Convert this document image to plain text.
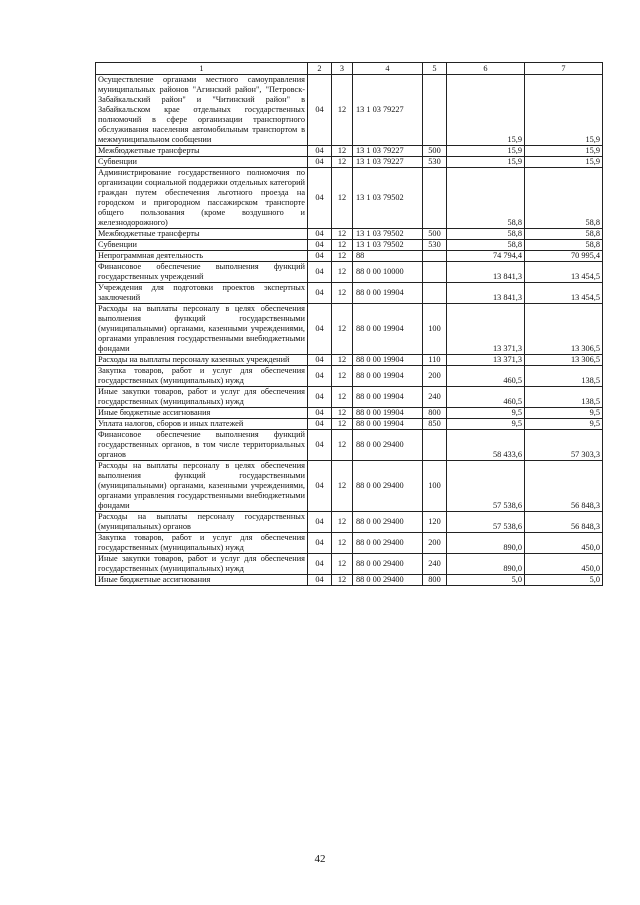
1	2	3	4	5	6	7
Осуществление органами местного самоуправления муниципальных районов "Агинский район", "Петровск-Забайкальский район" и "Читинский район" в Забайкальском крае отдельных государственных полномочий в сфере организации транспортного обслуживания населения автомобильным транспортом в межмуниципальном сообщении	04	12	13 1 03 79227		15,9	15,9
Межбюджетные трансферты	04	12	13 1 03 79227	500	15,9	15,9
Субвенции	04	12	13 1 03 79227	530	15,9	15,9
Администрирование государственного полномочия по организации социальной поддержки отдельных категорий граждан путем обеспечения льготного проезда на городском и пригородном пассажирском транспорте общего пользования (кроме воздушного и железнодорожного)	04	12	13 1 03 79502		58,8	58,8
Межбюджетные трансферты	04	12	13 1 03 79502	500	58,8	58,8
Субвенции	04	12	13 1 03 79502	530	58,8	58,8
Непрограммная деятельность	04	12	88		74 794,4	70 995,4
Финансовое обеспечение выполнения функций государственных учреждений	04	12	88 0 00 10000		13 841,3	13 454,5
Учреждения для подготовки проектов экспертных заключений	04	12	88 0 00 19904		13 841,3	13 454,5
Расходы на выплаты персоналу в целях обеспечения выполнения функций государственными (муниципальными) органами, казенными учреждениями, органами управления государственными внебюджетными фондами	04	12	88 0 00 19904	100	13 371,3	13 306,5
Расходы на выплаты персоналу казенных учреждений	04	12	88 0 00 19904	110	13 371,3	13 306,5
Закупка товаров, работ и услуг для обеспечения государственных (муниципальных) нужд	04	12	88 0 00 19904	200	460,5	138,5
Иные закупки товаров, работ и услуг для обеспечения государственных (муниципальных) нужд	04	12	88 0 00 19904	240	460,5	138,5
Иные бюджетные ассигнования	04	12	88 0 00 19904	800	9,5	9,5
Уплата налогов, сборов и иных платежей	04	12	88 0 00 19904	850	9,5	9,5
Финансовое обеспечение выполнения функций государственных органов, в том числе территориальных органов	04	12	88 0 00 29400		58 433,6	57 303,3
Расходы на выплаты персоналу в целях обеспечения выполнения функций государственными (муниципальными) органами, казенными учреждениями, органами управления государственными внебюджетными фондами	04	12	88 0 00 29400	100	57 538,6	56 848,3
Расходы на выплаты персоналу государственных (муниципальных) органов	04	12	88 0 00 29400	120	57 538,6	56 848,3
Закупка товаров, работ и услуг для обеспечения государственных (муниципальных) нужд	04	12	88 0 00 29400	200	890,0	450,0
Иные закупки товаров, работ и услуг для обеспечения государственных (муниципальных) нужд	04	12	88 0 00 29400	240	890,0	450,0
Иные бюджетные ассигнования	04	12	88 0 00 29400	800	5,0	5,0
42
